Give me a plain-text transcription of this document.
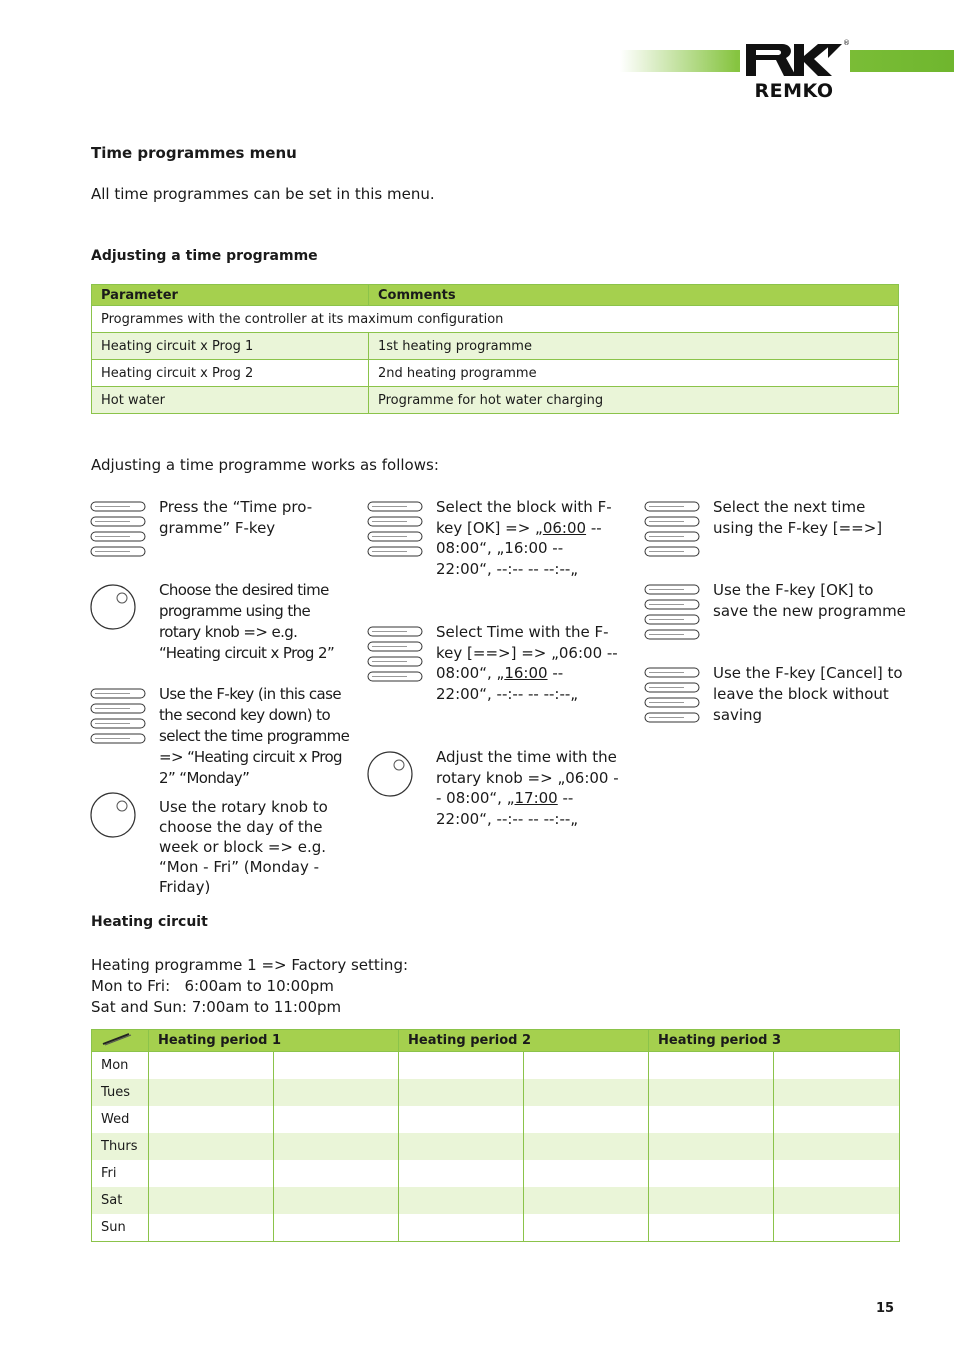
®
REMKO
Time programmes menu
All time programmes can be set in this menu.
Adjusting a time programme
Parameter	Comments
Programmes with the controller at its maximum configuration	
Heating circuit x Prog 1	1st heating programme
Heating circuit x Prog 2	2nd heating programme
Hot water	Programme for hot water charging
Adjusting a time programme works as follows:
Press the “Time pro- gramme” F-key
Choose the desired time programme using the rotary knob => e.g. “Heating circuit x Prog 2”
Use the F-key (in this case the second key down) to select the time programme => “Heating circuit x Prog 2” “Monday”
Use the rotary knob to choose the day of the week or block => e.g. “Mon - Fri” (Monday - Friday)
Select the block with F- key [OK] => „06:00 -- 08:00“, „16:00 -- 22:00“, --:-- -- --:--„
Select Time with the F- key [==>] => „06:00 -- 08:00“, „16:00 -- 22:00“, --:-- -- --:--„
Adjust the time with the rotary knob => „06:00 -- 08:00“, „17:00 -- 22:00“, --:-- -- --:--„
Select the next time using the F-key [==>]
Use the F-key [OK] to save the new programme
Use the F-key [Cancel] to leave the block without saving
Heating circuit
Heating programme 1 => Factory setting:
Mon to Fri:   6:00am to 10:00pm
Sat and Sun: 7:00am to 11:00pm
	Heating period 1		Heating period 2		Heating period 3	
Mon						
Tues						
Wed						
Thurs						
Fri						
Sat						
Sun						
15
